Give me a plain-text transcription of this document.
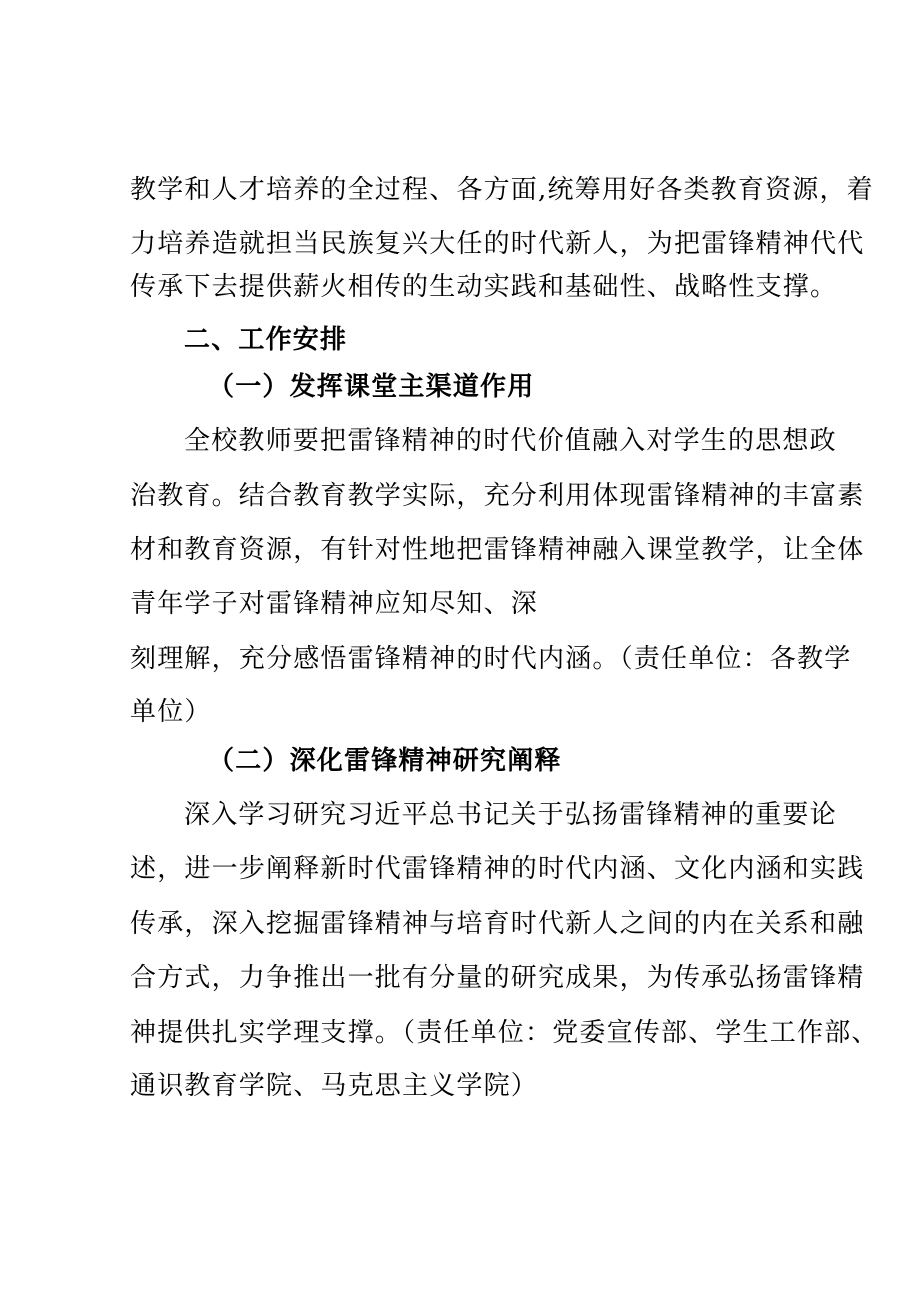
教学和人才培养的全过程、各方面,统筹用好各类教育资源，着
力培养造就担当民族复兴大任的时代新人，为把雷锋精神代代
传承下去提供薪火相传的生动实践和基础性、战略性支撑。
二、工作安排
（一）发挥课堂主渠道作用
全校教师要把雷锋精神的时代价值融入对学生的思想政
治教育。结合教育教学实际，充分利用体现雷锋精神的丰富素
材和教育资源，有针对性地把雷锋精神融入课堂教学，让全体
青年学子对雷锋精神应知尽知、深
刻理解，充分感悟雷锋精神的时代内涵。（责任单位：各教学
单位）
（二）深化雷锋精神研究阐释
深入学习研究习近平总书记关于弘扬雷锋精神的重要论
述，进一步阐释新时代雷锋精神的时代内涵、文化内涵和实践
传承，深入挖掘雷锋精神与培育时代新人之间的内在关系和融
合方式，力争推出一批有分量的研究成果，为传承弘扬雷锋精
神提供扎实学理支撑。（责任单位：党委宣传部、学生工作部、
通识教育学院、马克思主义学院）
